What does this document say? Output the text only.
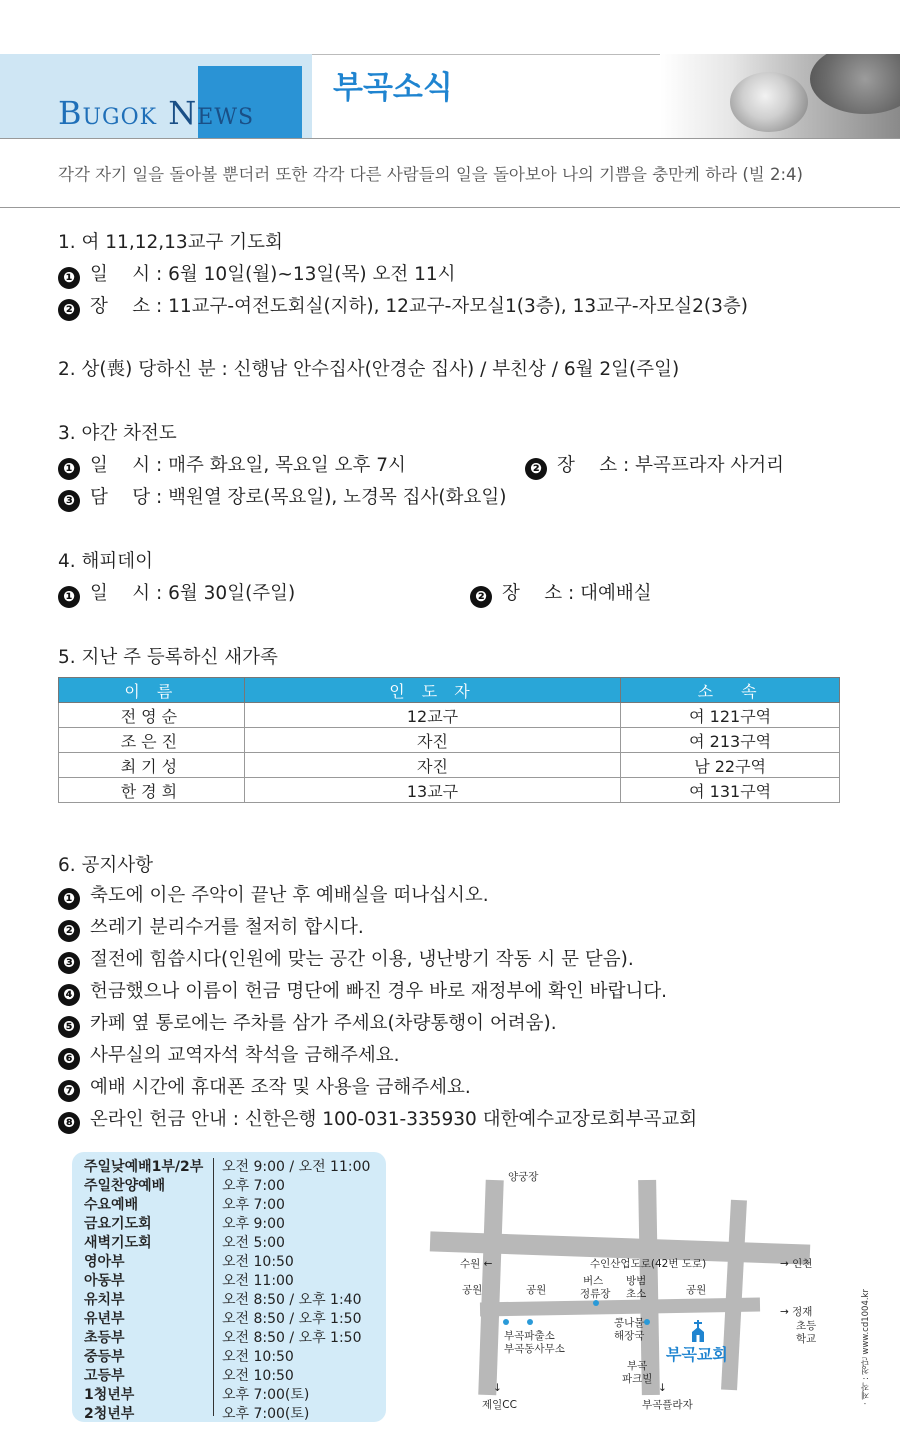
Bugok News
부곡소식
각각 자기 일을 돌아볼 뿐더러 또한 각각 다른 사람들의 일을 돌아보아 나의 기쁨을 충만케 하라 (빌 2:4)
1. 여 11,12,13교구 기도회
❶ 일　 시 : 6월 10일(월)~13일(목) 오전 11시
❷ 장　 소 : 11교구-여전도회실(지하), 12교구-자모실1(3층), 13교구-자모실2(3층)
2. 상(喪) 당하신 분 : 신행남 안수집사(안경순 집사) / 부친상 / 6월 2일(주일)
3. 야간 차전도
❶ 일　 시 : 매주 화요일, 목요일 오후 7시	❷ 장　 소 : 부곡프라자 사거리
❸ 담　 당 : 백원열 장로(목요일), 노경목 집사(화요일)
4. 해피데이
❶ 일　 시 : 6월 30일(주일)	❷ 장　 소 : 대예배실
5. 지난 주 등록하신 새가족
이 름	인 도 자	소　속
전영순	12교구	여 121구역
조은진	자진	여 213구역
최기성	자진	남 22구역
한경희	13교구	여 131구역
6. 공지사항
❶ 축도에 이은 주악이 끝난 후 예배실을 떠나십시오.
❷ 쓰레기 분리수거를 철저히 합시다.
❸ 절전에 힘씁시다(인원에 맞는 공간 이용, 냉난방기 작동 시 문 닫음).
❹ 헌금했으나 이름이 헌금 명단에 빠진 경우 바로 재정부에 확인 바랍니다.
❺ 카페 옆 통로에는 주차를 삼가 주세요(차량통행이 어려움).
❻ 사무실의 교역자석 착석을 금해주세요.
❼ 예배 시간에 휴대폰 조작 및 사용을 금해주세요.
❽ 온라인 헌금 안내 : 신한은행 100-031-335930 대한예수교장로회부곡교회
주일낮예배1부/2부	오전 9:00 / 오전 11:00
주일찬양예배	오후 7:00
수요예배	오후 7:00
금요기도회	오후 9:00
새벽기도회	오전 5:00
영아부	오전 10:50
아동부	오전 11:00
유치부	오전 8:50 / 오후 1:40
유년부	오전 8:50 / 오후 1:50
초등부	오전 8:50 / 오후 1:50
중등부	오전 10:50
고등부	오전 10:50
1청년부	오후 7:00(토)
2청년부	오후 7:00(토)
양궁장
수원 ←	수인산업도로(42번 도로)	→ 인천
공원	공원
버스
정류장
방범
초소	공원
→ 정재
초등
학교
부곡파출소
부곡동사무소
콩나물
해장국
부곡
파크빌
부곡교회
↓
제일CC
↓
부곡플라자	· 제작 : 청단 www.cd1004.kr
